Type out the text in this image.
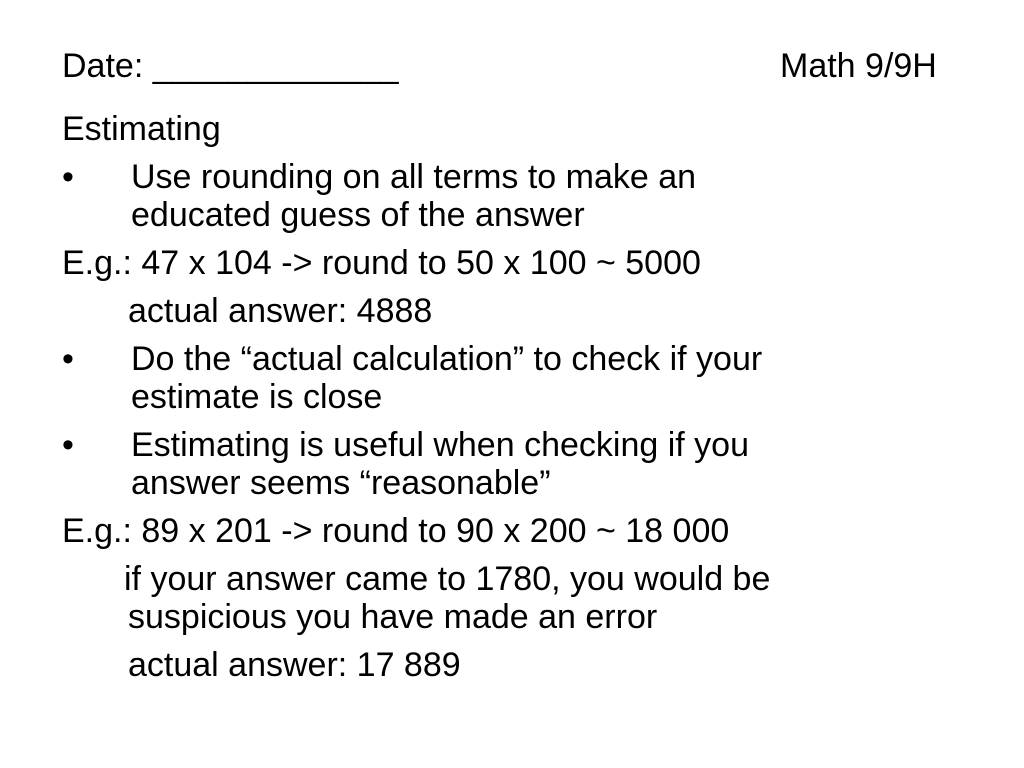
Date: _____________	Math 9/9H
Estimating
• Use rounding on all terms to make an
educated guess of the answer
E.g.: 47 x 104 -> round to 50 x 100 ~ 5000
actual answer: 4888
• Do the “actual calculation” to check if your
estimate is close
• Estimating is useful when checking if you
answer seems “reasonable”
E.g.: 89 x 201 -> round to 90 x 200 ~ 18 000
if your answer came to 1780, you would be
suspicious you have made an error
actual answer: 17 889
